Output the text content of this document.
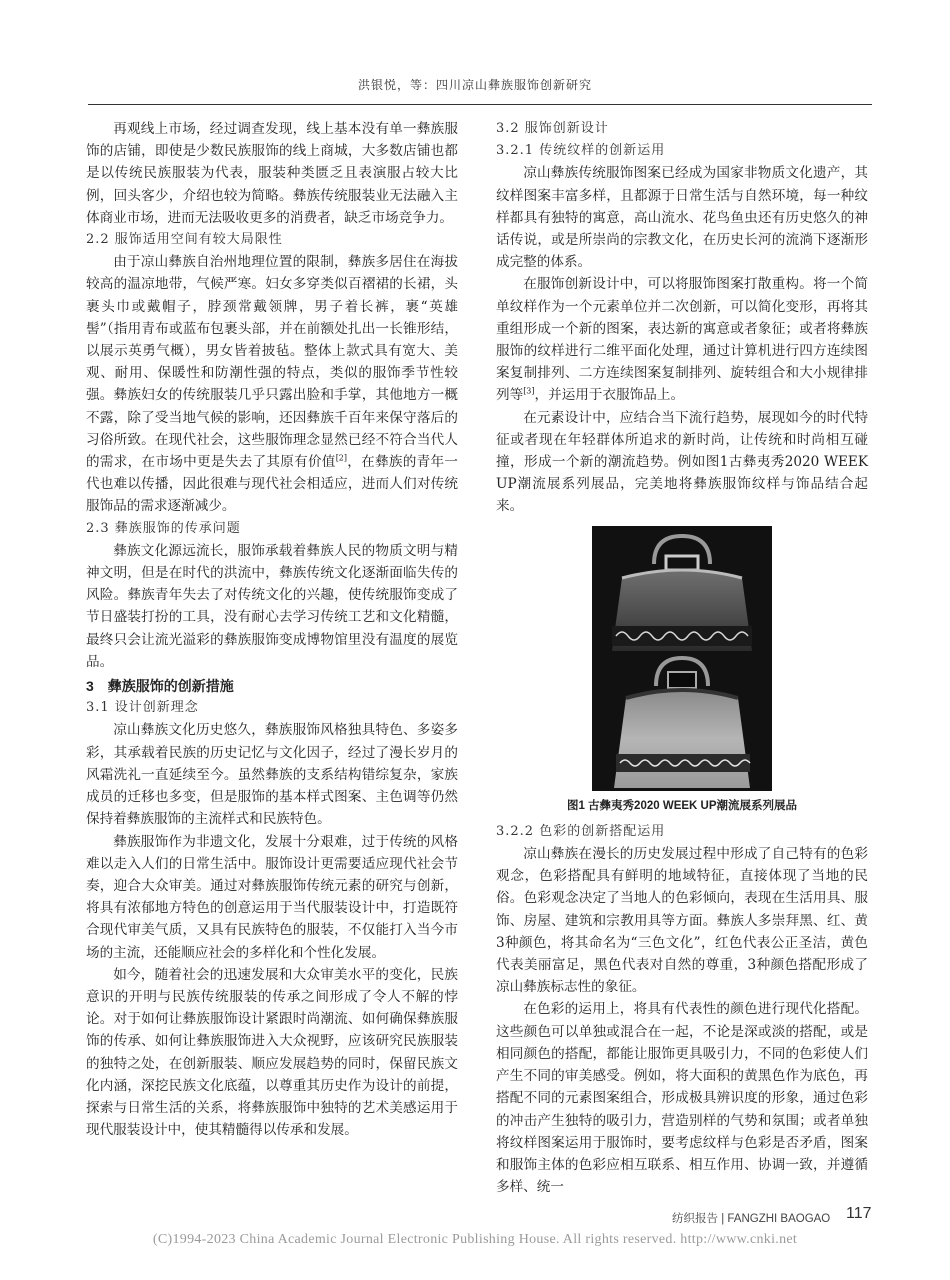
洪银悦，等：四川凉山彝族服饰创新研究

再观线上市场，经过调查发现，线上基本没有单一彝族服饰的店铺，即使是少数民族服饰的线上商城，大多数店铺也都是以传统民族服装为代表，服装种类匮乏且表演服占较大比例，回头客少，介绍也较为简略。彝族传统服装业无法融入主体商业市场，进而无法吸收更多的消费者，缺乏市场竞争力。

2.2 服饰适用空间有较大局限性

由于凉山彝族自治州地理位置的限制，彝族多居住在海拔较高的温凉地带，气候严寒。妇女多穿类似百褶裙的长裙，头裹头巾或戴帽子，脖颈常戴领牌，男子着长裤，裹“英雄髻”（指用青布或蓝布包裹头部，并在前额处扎出一长锥形结，以展示英勇气概），男女皆着披毡。整体上款式具有宽大、美观、耐用、保暖性和防潮性强的特点，类似的服饰季节性较强。彝族妇女的传统服装几乎只露出脸和手掌，其他地方一概不露，除了受当地气候的影响，还因彝族千百年来保守落后的习俗所致。在现代社会，这些服饰理念显然已经不符合当代人的需求，在市场中更是失去了其原有价值[2]，在彝族的青年一代也难以传播，因此很难与现代社会相适应，进而人们对传统服饰品的需求逐渐减少。

2.3 彝族服饰的传承问题

彝族文化源远流长，服饰承载着彝族人民的物质文明与精神文明，但是在时代的洪流中，彝族传统文化逐渐面临失传的风险。彝族青年失去了对传统文化的兴趣，使传统服饰变成了节日盛装打扮的工具，没有耐心去学习传统工艺和文化精髓，最终只会让流光溢彩的彝族服饰变成博物馆里没有温度的展览品。

3　彝族服饰的创新措施

3.1 设计创新理念

凉山彝族文化历史悠久，彝族服饰风格独具特色、多姿多彩，其承载着民族的历史记忆与文化因子，经过了漫长岁月的风霜洗礼一直延续至今。虽然彝族的支系结构错综复杂，家族成员的迁移也多变，但是服饰的基本样式图案、主色调等仍然保持着彝族服饰的主流样式和民族特色。

彝族服饰作为非遗文化，发展十分艰难，过于传统的风格难以走入人们的日常生活中。服饰设计更需要适应现代社会节奏，迎合大众审美。通过对彝族服饰传统元素的研究与创新，将具有浓郁地方特色的创意运用于当代服装设计中，打造既符合现代审美气质，又具有民族特色的服装，不仅能打入当今市场的主流，还能顺应社会的多样化和个性化发展。

如今，随着社会的迅速发展和大众审美水平的变化，民族意识的开明与民族传统服装的传承之间形成了令人不解的悖论。对于如何让彝族服饰设计紧跟时尚潮流、如何确保彝族服饰的传承、如何让彝族服饰进入大众视野，应该研究民族服装的独特之处，在创新服装、顺应发展趋势的同时，保留民族文化内涵，深挖民族文化底蕴，以尊重其历史作为设计的前提，探索与日常生活的关系，将彝族服饰中独特的艺术美感运用于现代服装设计中，使其精髓得以传承和发展。

3.2 服饰创新设计

3.2.1 传统纹样的创新运用

凉山彝族传统服饰图案已经成为国家非物质文化遗产，其纹样图案丰富多样，且都源于日常生活与自然环境，每一种纹样都具有独特的寓意，高山流水、花鸟鱼虫还有历史悠久的神话传说，或是所崇尚的宗教文化，在历史长河的流淌下逐渐形成完整的体系。

在服饰创新设计中，可以将服饰图案打散重构。将一个简单纹样作为一个元素单位并二次创新，可以简化变形，再将其重组形成一个新的图案，表达新的寓意或者象征；或者将彝族服饰的纹样进行二维平面化处理，通过计算机进行四方连续图案复制排列、二方连续图案复制排列、旋转组合和大小规律排列等[3]，并运用于衣服饰品上。

在元素设计中，应结合当下流行趋势，展现如今的时代特征或者现在年轻群体所追求的新时尚，让传统和时尚相互碰撞，形成一个新的潮流趋势。例如图1古彝夷秀2020 WEEK UP潮流展系列展品，完美地将彝族服饰纹样与饰品结合起来。

图1 古彝夷秀2020 WEEK UP潮流展系列展品

3.2.2 色彩的创新搭配运用

凉山彝族在漫长的历史发展过程中形成了自己特有的色彩观念，色彩搭配具有鲜明的地域特征，直接体现了当地的民俗。色彩观念决定了当地人的色彩倾向，表现在生活用具、服饰、房屋、建筑和宗教用具等方面。彝族人多崇拜黑、红、黄3种颜色，将其命名为“三色文化”，红色代表公正圣洁，黄色代表美丽富足，黑色代表对自然的尊重，3种颜色搭配形成了凉山彝族标志性的象征。

在色彩的运用上，将具有代表性的颜色进行现代化搭配。这些颜色可以单独或混合在一起，不论是深或淡的搭配，或是相同颜色的搭配，都能让服饰更具吸引力，不同的色彩使人们产生不同的审美感受。例如，将大面积的黄黑色作为底色，再搭配不同的元素图案组合，形成极具辨识度的形象，通过色彩的冲击产生独特的吸引力，营造别样的气势和氛围；或者单独将纹样图案运用于服饰时，要考虑纹样与色彩是否矛盾，图案和服饰主体的色彩应相互联系、相互作用、协调一致，并遵循多样、统一

纺织报告 | FANGZHI BAOGAO 117
(C)1994-2023 China Academic Journal Electronic Publishing House. All rights reserved. http://www.cnki.net
